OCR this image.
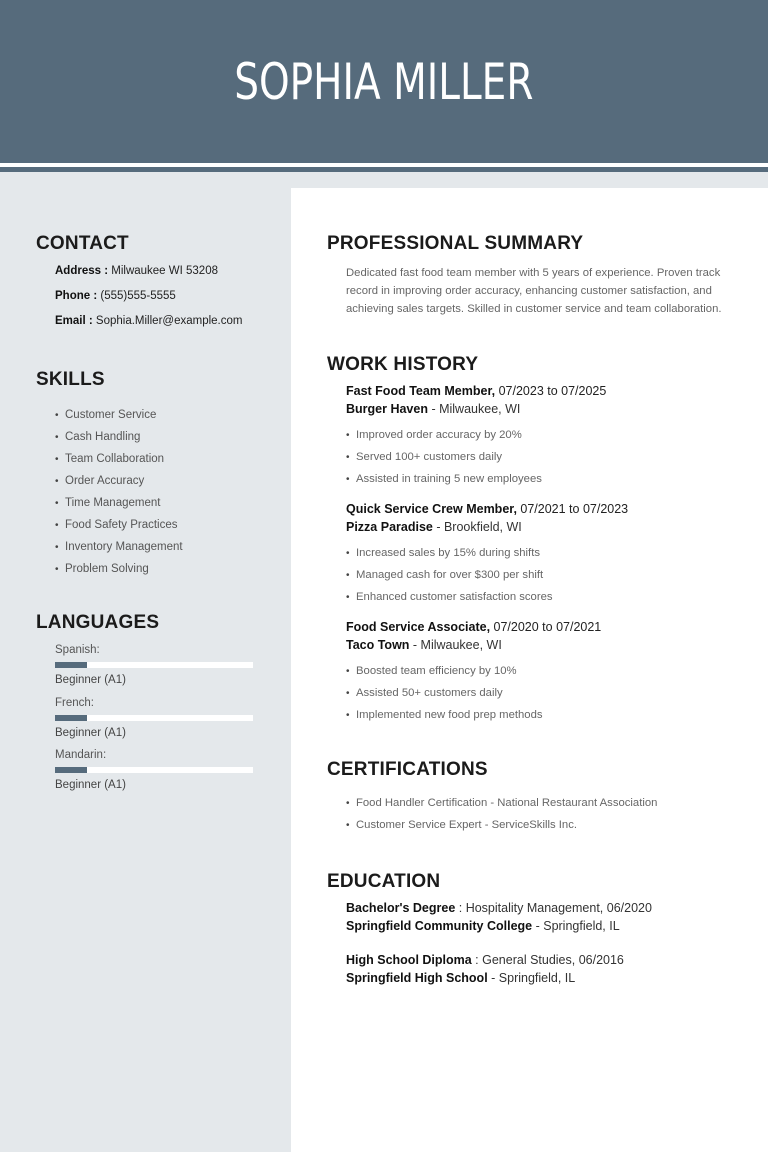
SOPHIA MILLER
CONTACT
Address : Milwaukee WI 53208
Phone : (555)555-5555
Email : Sophia.Miller@example.com
SKILLS
• Customer Service
• Cash Handling
• Team Collaboration
• Order Accuracy
• Time Management
• Food Safety Practices
• Inventory Management
• Problem Solving
LANGUAGES
Spanish:
Beginner (A1)
French:
Beginner (A1)
Mandarin:
Beginner (A1)
PROFESSIONAL SUMMARY
Dedicated fast food team member with 5 years of experience. Proven track record in improving order accuracy, enhancing customer satisfaction, and achieving sales targets. Skilled in customer service and team collaboration.
WORK HISTORY
Fast Food Team Member, 07/2023 to 07/2025
Burger Haven - Milwaukee, WI
• Improved order accuracy by 20%
• Served 100+ customers daily
• Assisted in training 5 new employees
Quick Service Crew Member, 07/2021 to 07/2023
Pizza Paradise - Brookfield, WI
• Increased sales by 15% during shifts
• Managed cash for over $300 per shift
• Enhanced customer satisfaction scores
Food Service Associate, 07/2020 to 07/2021
Taco Town - Milwaukee, WI
• Boosted team efficiency by 10%
• Assisted 50+ customers daily
• Implemented new food prep methods
CERTIFICATIONS
• Food Handler Certification - National Restaurant Association
• Customer Service Expert - ServiceSkills Inc.
EDUCATION
Bachelor's Degree : Hospitality Management, 06/2020
Springfield Community College - Springfield, IL
High School Diploma : General Studies, 06/2016
Springfield High School - Springfield, IL
